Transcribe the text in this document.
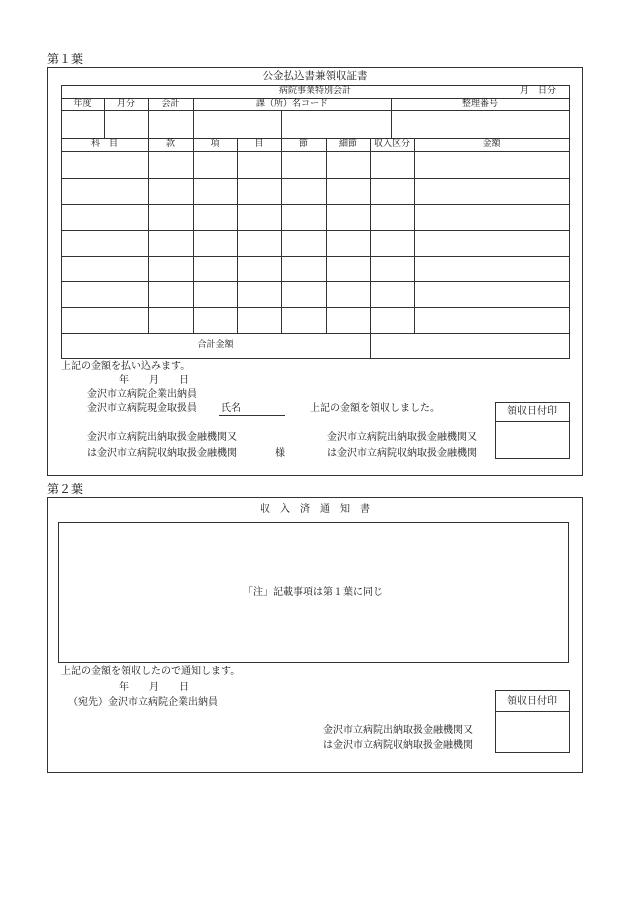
第１葉
公金払込書兼領収証書
病院事業特別会計	月　日分
年度	月分	会計	課（所）名コード	整理番号
科　目	款	項	目	節	細節	収入区分	金額
合計金額
上記の金額を払い込みます。
年　　月　　日
金沢市立病院企業出納員
金沢市立病院現金取扱員 氏名	上記の金額を領収しました。	領収日付印
金沢市立病院出納取扱金融機関又
は金沢市立病院収納取扱金融機関	様
金沢市立病院出納取扱金融機関又
は金沢市立病院収納取扱金融機関
第２葉
収　入　済　通　知　書
「注」記載事項は第１葉に同じ
上記の金額を領収したので通知します。
年　　月　　日
（宛先）金沢市立病院企業出納員	領収日付印
金沢市立病院出納取扱金融機関又
は金沢市立病院収納取扱金融機関
